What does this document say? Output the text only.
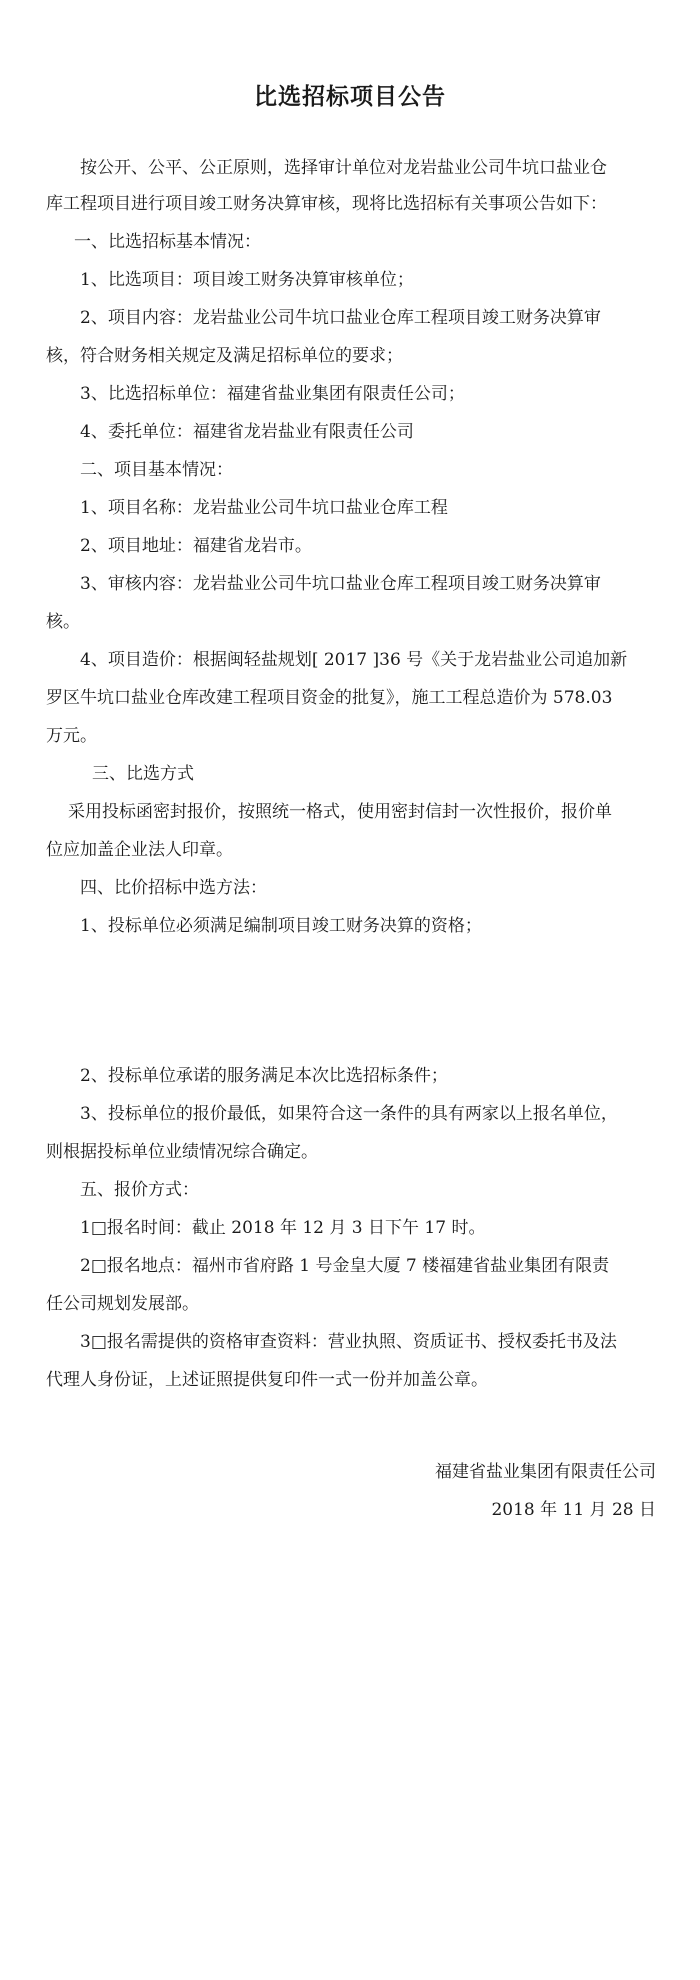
比选招标项目公告
按公开、公平、公正原则，选择审计单位对龙岩盐业公司牛坑口盐业仓
库工程项目进行项目竣工财务决算审核，现将比选招标有关事项公告如下：
一、比选招标基本情况：
1、比选项目：项目竣工财务决算审核单位；
2、项目内容：龙岩盐业公司牛坑口盐业仓库工程项目竣工财务决算审
核，符合财务相关规定及满足招标单位的要求；
3、比选招标单位：福建省盐业集团有限责任公司；
4、委托单位：福建省龙岩盐业有限责任公司
二、项目基本情况：
1、项目名称：龙岩盐业公司牛坑口盐业仓库工程
2、项目地址：福建省龙岩市。
3、审核内容：龙岩盐业公司牛坑口盐业仓库工程项目竣工财务决算审
核。
4、项目造价：根据闽轻盐规划[ 2017 ]36 号《关于龙岩盐业公司追加新
罗区牛坑口盐业仓库改建工程项目资金的批复》，施工工程总造价为 578.03
万元。
三、比选方式
采用投标函密封报价，按照统一格式，使用密封信封一次性报价，报价单
位应加盖企业法人印章。
四、比价招标中选方法：
1、投标单位必须满足编制项目竣工财务决算的资格；
2、投标单位承诺的服务满足本次比选招标条件；
3、投标单位的报价最低，如果符合这一条件的具有两家以上报名单位，
则根据投标单位业绩情况综合确定。
五、报价方式：
1□报名时间：截止 2018 年 12 月 3 日下午 17 时。
2□报名地点：福州市省府路 1 号金皇大厦 7 楼福建省盐业集团有限责
任公司规划发展部。
3□报名需提供的资格审查资料：营业执照、资质证书、授权委托书及法
代理人身份证，上述证照提供复印件一式一份并加盖公章。
福建省盐业集团有限责任公司
2018 年 11 月 28 日
